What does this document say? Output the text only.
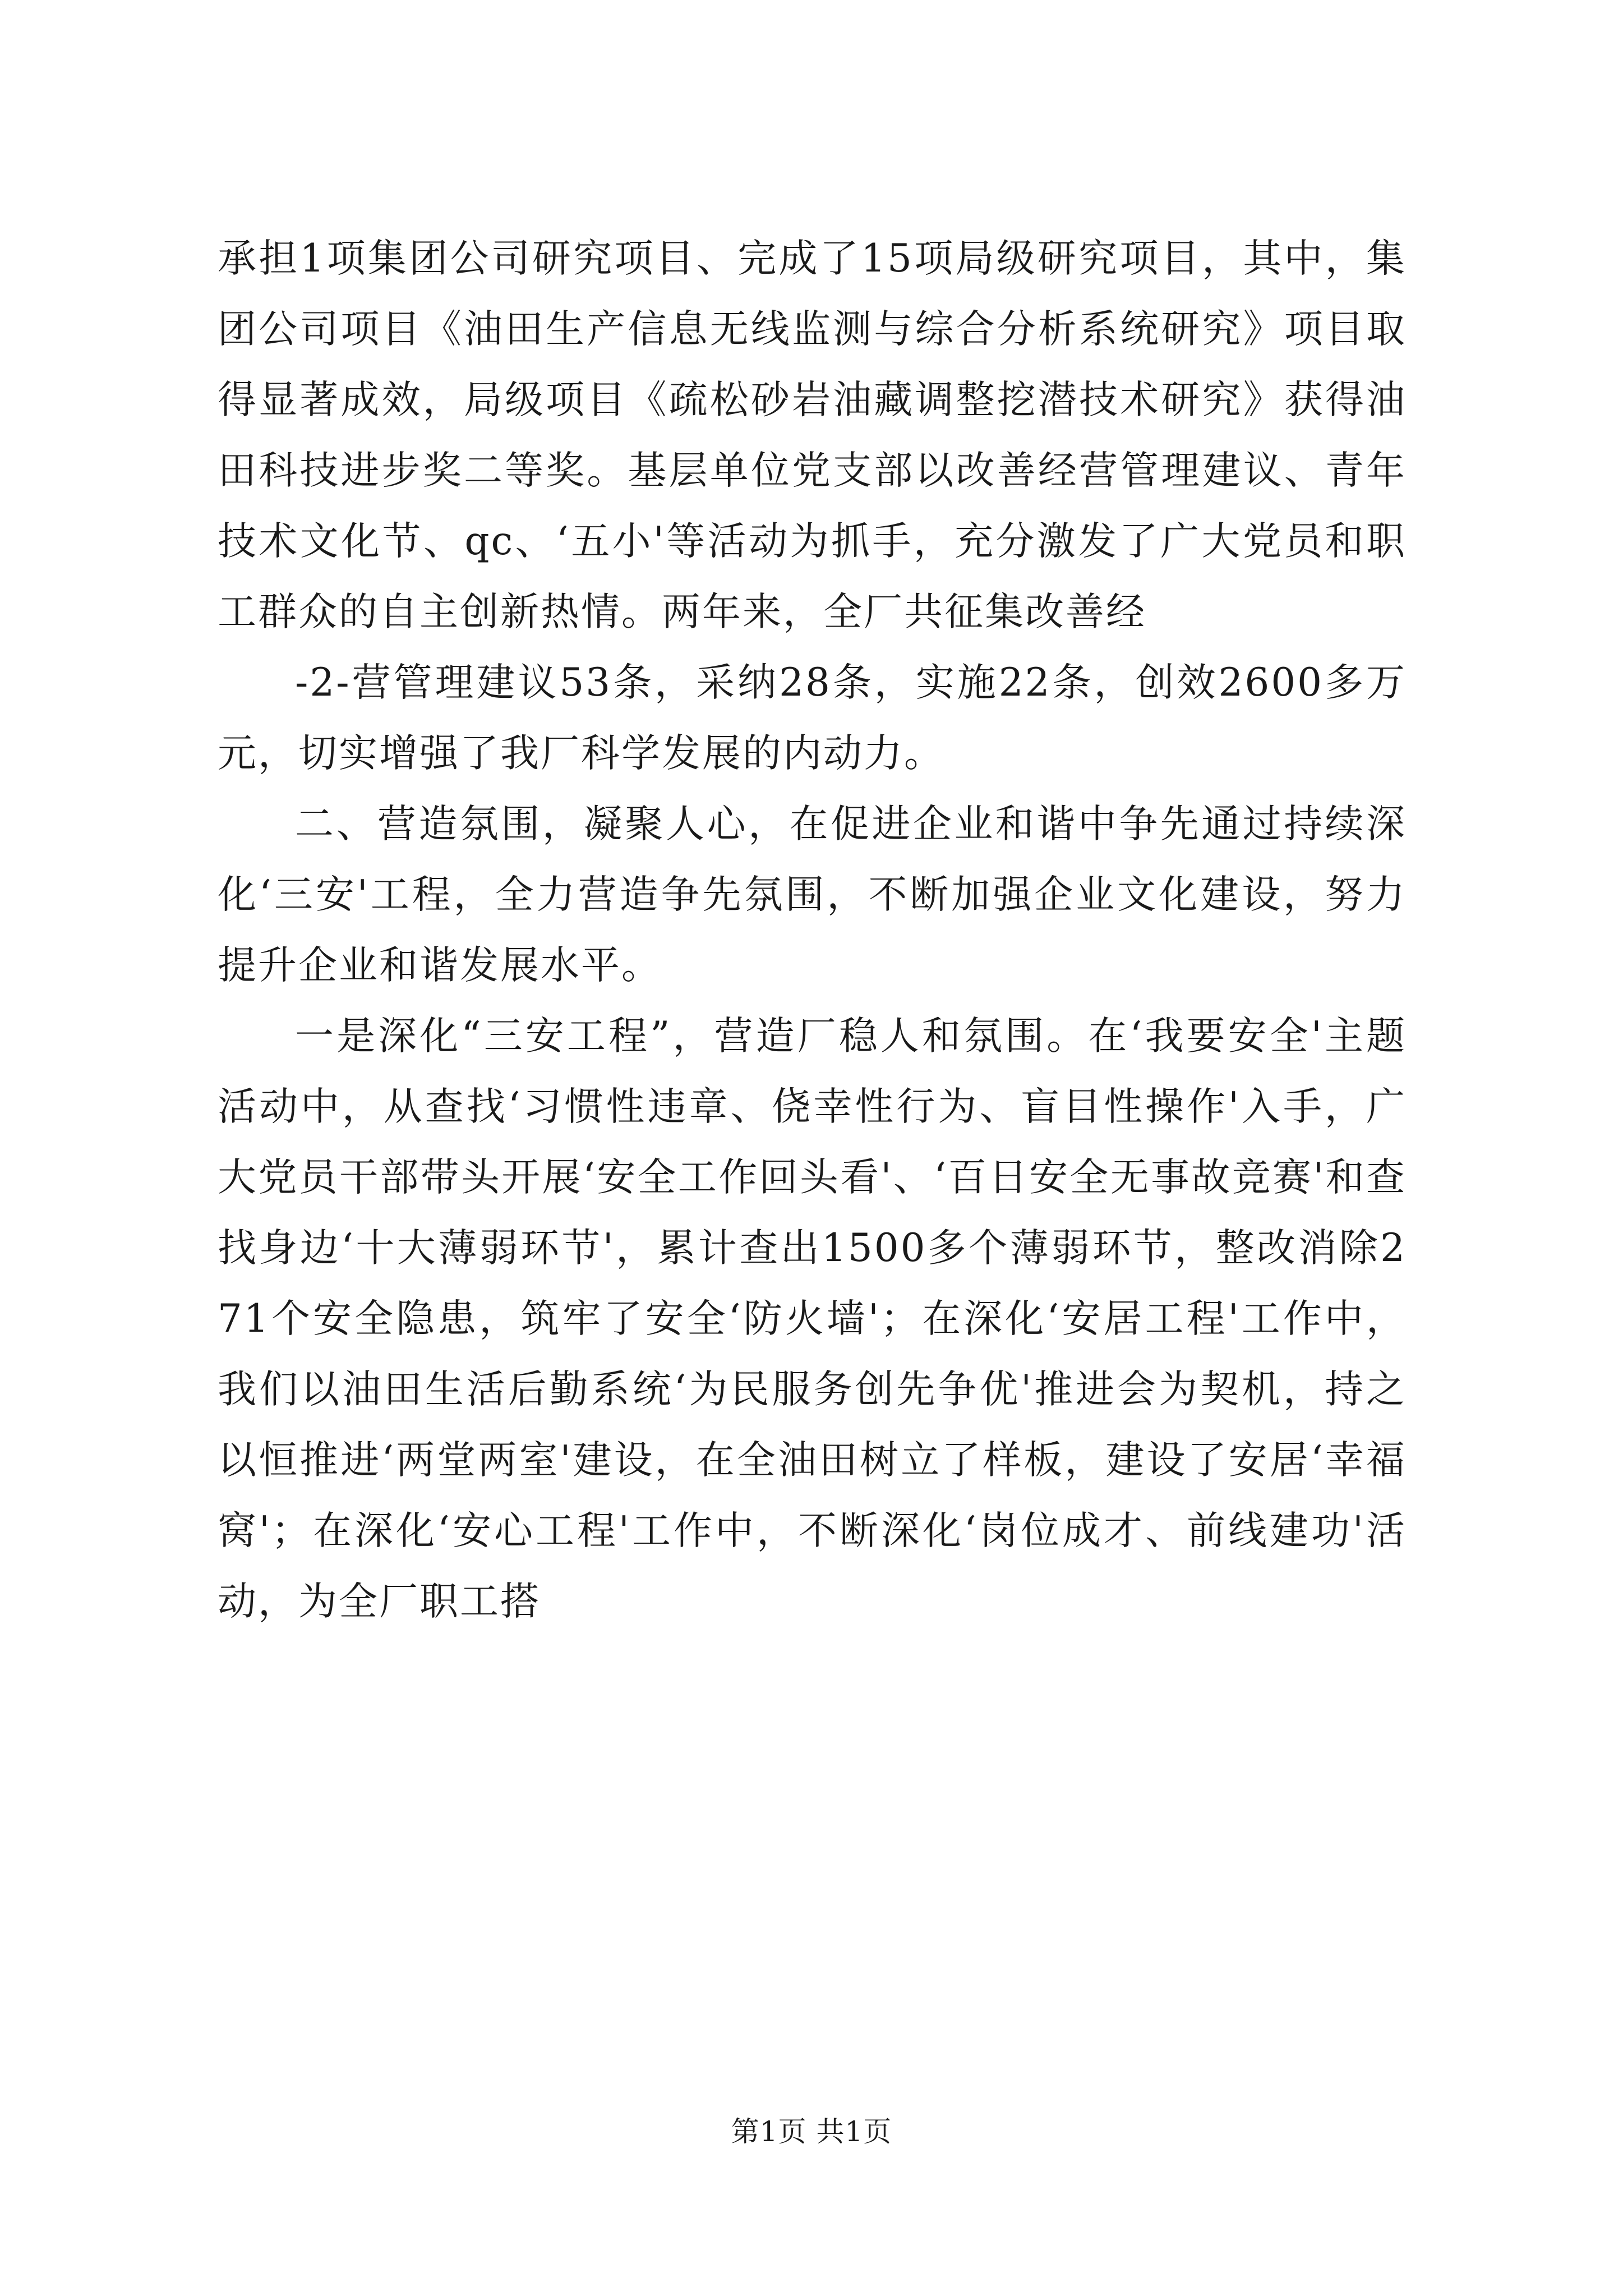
承担1项集团公司研究项目、完成了15项局级研究项目，其中，集团公司项目《油田生产信息无线监测与综合分析系统研究》项目取得显著成效，局级项目《疏松砂岩油藏调整挖潜技术研究》获得油田科技进步奖二等奖。基层单位党支部以改善经营管理建议、青年技术文化节、qc、‘五小'等活动为抓手，充分激发了广大党员和职工群众的自主创新热情。两年来，全厂共征集改善经

-2-营管理建议53条，采纳28条，实施22条，创效2600多万元，切实增强了我厂科学发展的内动力。

二、营造氛围，凝聚人心，在促进企业和谐中争先通过持续深化‘三安'工程，全力营造争先氛围，不断加强企业文化建设，努力提升企业和谐发展水平。

一是深化“三安工程”，营造厂稳人和氛围。在‘我要安全'主题活动中，从查找‘习惯性违章、侥幸性行为、盲目性操作'入手，广大党员干部带头开展‘安全工作回头看'、‘百日安全无事故竞赛'和查找身边‘十大薄弱环节'，累计查出1500多个薄弱环节，整改消除271个安全隐患，筑牢了安全‘防火墙'；在深化‘安居工程'工作中，我们以油田生活后勤系统‘为民服务创先争优'推进会为契机，持之以恒推进‘两堂两室'建设，在全油田树立了样板，建设了安居‘幸福窝'；在深化‘安心工程'工作中，不断深化‘岗位成才、前线建功'活动，为全厂职工搭

第1页 共1页
